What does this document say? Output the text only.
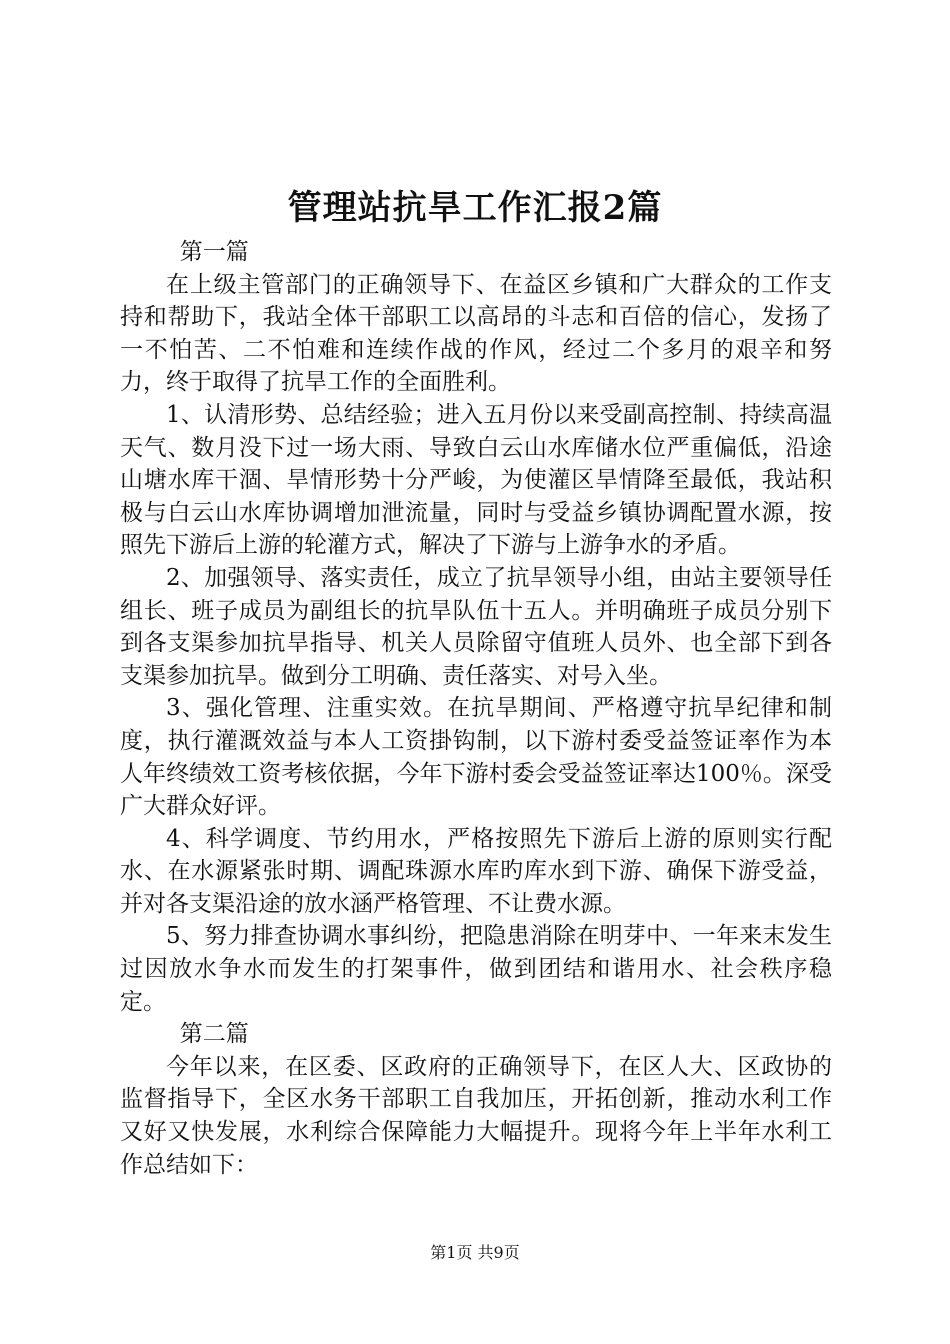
管理站抗旱工作汇报2篇

第一篇

在上级主管部门的正确领导下、在益区乡镇和广大群众的工作支持和帮助下，我站全体干部职工以高昂的斗志和百倍的信心，发扬了一不怕苦、二不怕难和连续作战的作风，经过二个多月的艰辛和努力，终于取得了抗旱工作的全面胜利。

1、认清形势、总结经验；进入五月份以来受副高控制、持续高温天气、数月没下过一场大雨、导致白云山水库储水位严重偏低，沿途山塘水库干涸、旱情形势十分严峻，为使灌区旱情降至最低，我站积极与白云山水库协调增加泄流量，同时与受益乡镇协调配置水源，按照先下游后上游的轮灌方式，解决了下游与上游争水的矛盾。

2、加强领导、落实责任，成立了抗旱领导小组，由站主要领导任组长、班子成员为副组长的抗旱队伍十五人。并明确班子成员分别下到各支渠参加抗旱指导、机关人员除留守值班人员外、也全部下到各支渠参加抗旱。做到分工明确、责任落实、对号入坐。

3、强化管理、注重实效。在抗旱期间、严格遵守抗旱纪律和制度，执行灌溉效益与本人工资掛钩制，以下游村委受益签证率作为本人年终绩效工资考核依据，今年下游村委会受益签证率达100％。深受广大群众好评。

4、科学调度、节约用水，严格按照先下游后上游的原则实行配水、在水源紧张时期、调配珠源水库旳库水到下游、确保下游受益，并对各支渠沿途的放水涵严格管理、不让费水源。

5、努力排查协调水事纠纷，把隐患消除在明芽中、一年来末发生过因放水争水而发生的打架事件，做到团结和谐用水、社会秩序稳定。

第二篇

今年以来，在区委、区政府的正确领导下，在区人大、区政协的监督指导下，全区水务干部职工自我加压，开拓创新，推动水利工作又好又快发展，水利综合保障能力大幅提升。现将今年上半年水利工作总结如下：

第1页 共9页
